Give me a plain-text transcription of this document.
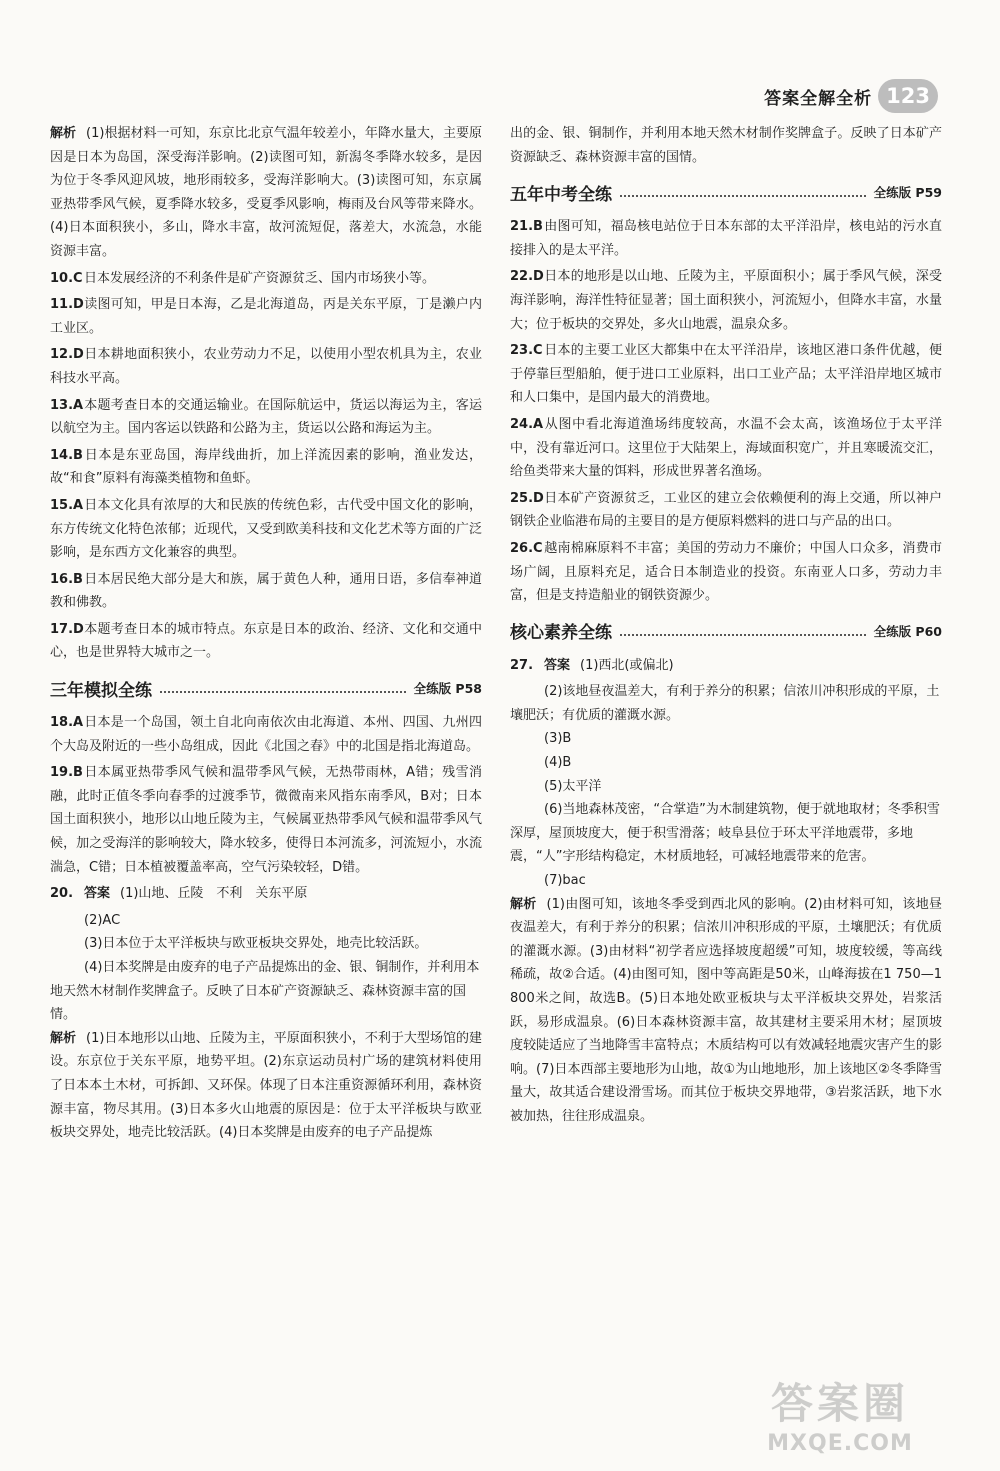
答案全解全析 123
解析 (1)根据材料一可知，东京比北京气温年较差小，年降水量大，主要原因是日本为岛国，深受海洋影响。(2)读图可知，新潟冬季降水较多，是因为位于冬季风迎风坡，地形雨较多，受海洋影响大。(3)读图可知，东京属亚热带季风气候，夏季降水较多，受夏季风影响，梅雨及台风等带来降水。(4)日本面积狭小，多山，降水丰富，故河流短促，落差大，水流急，水能资源丰富。
10.C日本发展经济的不利条件是矿产资源贫乏、国内市场狭小等。
11.D读图可知，甲是日本海，乙是北海道岛，丙是关东平原，丁是濑户内工业区。
12.D日本耕地面积狭小，农业劳动力不足，以使用小型农机具为主，农业科技水平高。
13.A本题考查日本的交通运输业。在国际航运中，货运以海运为主，客运以航空为主。国内客运以铁路和公路为主，货运以公路和海运为主。
14.B日本是东亚岛国，海岸线曲折，加上洋流因素的影响，渔业发达，故“和食”原料有海藻类植物和鱼虾。
15.A日本文化具有浓厚的大和民族的传统色彩，古代受中国文化的影响，东方传统文化特色浓郁；近现代，又受到欧美科技和文化艺术等方面的广泛影响，是东西方文化兼容的典型。
16.B日本居民绝大部分是大和族，属于黄色人种，通用日语，多信奉神道教和佛教。
17.D本题考查日本的城市特点。东京是日本的政治、经济、文化和交通中心，也是世界特大城市之一。
三年模拟全练	全练版 P58
18.A日本是一个岛国，领土自北向南依次由北海道、本州、四国、九州四个大岛及附近的一些小岛组成，因此《北国之春》中的北国是指北海道岛。
19.B日本属亚热带季风气候和温带季风气候，无热带雨林，A错；残雪消融，此时正值冬季向春季的过渡季节，微微南来风指东南季风，B对；日本国土面积狭小，地形以山地丘陵为主，气候属亚热带季风气候和温带季风气候，加之受海洋的影响较大，降水较多，使得日本河流多，河流短小，水流湍急，C错；日本植被覆盖率高，空气污染较轻，D错。
20. 答案 (1)山地、丘陵　不利　关东平原
(2)AC
(3)日本位于太平洋板块与欧亚板块交界处，地壳比较活跃。
(4)日本奖牌是由废弃的电子产品提炼出的金、银、铜制作，并利用本地天然木材制作奖牌盒子。反映了日本矿产资源缺乏、森林资源丰富的国情。
解析 (1)日本地形以山地、丘陵为主，平原面积狭小，不利于大型场馆的建设。东京位于关东平原，地势平坦。(2)东京运动员村广场的建筑材料使用了日本本土木材，可拆卸、又环保。体现了日本注重资源循环利用，森林资源丰富，物尽其用。(3)日本多火山地震的原因是：位于太平洋板块与欧亚板块交界处，地壳比较活跃。(4)日本奖牌是由废弃的电子产品提炼
出的金、银、铜制作，并利用本地天然木材制作奖牌盒子。反映了日本矿产资源缺乏、森林资源丰富的国情。
五年中考全练	全练版 P59
21.B由图可知，福岛核电站位于日本东部的太平洋沿岸，核电站的污水直接排入的是太平洋。
22.D日本的地形是以山地、丘陵为主，平原面积小；属于季风气候，深受海洋影响，海洋性特征显著；国土面积狭小，河流短小，但降水丰富，水量大；位于板块的交界处，多火山地震，温泉众多。
23.C日本的主要工业区大都集中在太平洋沿岸，该地区港口条件优越，便于停靠巨型船舶，便于进口工业原料，出口工业产品；太平洋沿岸地区城市和人口集中，是国内最大的消费地。
24.A从图中看北海道渔场纬度较高，水温不会太高，该渔场位于太平洋中，没有靠近河口。这里位于大陆架上，海域面积宽广，并且寒暖流交汇，给鱼类带来大量的饵料，形成世界著名渔场。
25.D日本矿产资源贫乏，工业区的建立会依赖便利的海上交通，所以神户钢铁企业临港布局的主要目的是方便原料燃料的进口与产品的出口。
26.C越南棉麻原料不丰富；美国的劳动力不廉价；中国人口众多，消费市场广阔，且原料充足，适合日本制造业的投资。东南亚人口多，劳动力丰富，但是支持造船业的钢铁资源少。
核心素养全练	全练版 P60
27. 答案 (1)西北(或偏北)
(2)该地昼夜温差大，有利于养分的积累；信浓川冲积形成的平原，土壤肥沃；有优质的灌溉水源。
(3)B
(4)B
(5)太平洋
(6)当地森林茂密，“合掌造”为木制建筑物，便于就地取材；冬季积雪深厚，屋顶坡度大，便于积雪滑落；岐阜县位于环太平洋地震带，多地震，“人”字形结构稳定，木材质地轻，可减轻地震带来的危害。
(7)bac
解析 (1)由图可知，该地冬季受到西北风的影响。(2)由材料可知，该地昼夜温差大，有利于养分的积累；信浓川冲积形成的平原，土壤肥沃；有优质的灌溉水源。(3)由材料“初学者应选择坡度超缓”可知，坡度较缓，等高线稀疏，故②合适。(4)由图可知，图中等高距是50米，山峰海拔在1 750—1 800米之间，故选B。(5)日本地处欧亚板块与太平洋板块交界处，岩浆活跃，易形成温泉。(6)日本森林资源丰富，故其建材主要采用木材；屋顶坡度较陡适应了当地降雪丰富特点；木质结构可以有效减轻地震灾害产生的影响。(7)日本西部主要地形为山地，故①为山地地形，加上该地区②冬季降雪量大，故其适合建设滑雪场。而其位于板块交界地带，③岩浆活跃，地下水被加热，往往形成温泉。
答案圈
MXQE.COM
